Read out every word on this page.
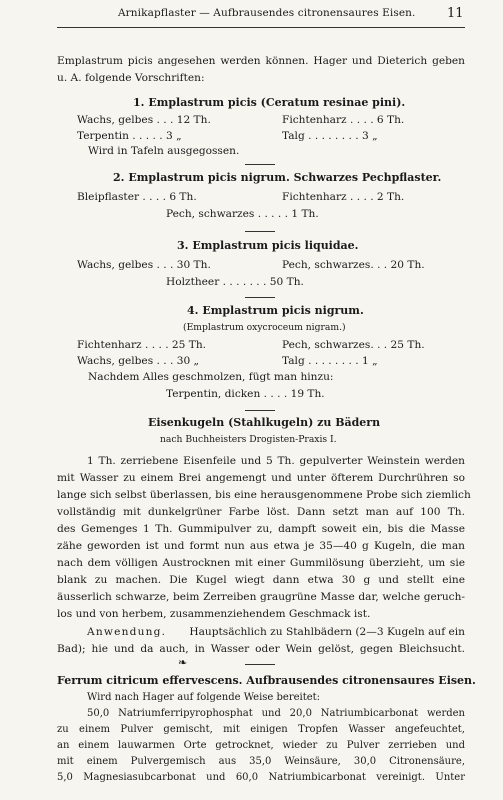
Arnikapflaster — Aufbrausendes citronensaures Eisen. 11
Emplastrum picis angesehen werden können. Hager und Dieterich geben
u. A. folgende Vorschriften:
1. Emplastrum picis (Ceratum resinae pini).
Wachs, gelbes . . . 12 Th.	Fichtenharz . . . . 6 Th.
Terpentin . . . . . 3 „	Talg . . . . . . . . 3 „
Wird in Tafeln ausgegossen.
2. Emplastrum picis nigrum. Schwarzes Pechpflaster.
Bleipflaster . . . . 6 Th.	Fichtenharz . . . . 2 Th.
Pech, schwarzes . . . . . 1 Th.
3. Emplastrum picis liquidae.
Wachs, gelbes . . . 30 Th.	Pech, schwarzes. . . 20 Th.
Holztheer . . . . . . . 50 Th.
4. Emplastrum picis nigrum.
(Emplastrum oxycroceum nigram.)
Fichtenharz . . . . 25 Th.	Pech, schwarzes. . . 25 Th.
Wachs, gelbes . . . 30 „	Talg . . . . . . . . 1 „
Nachdem Alles geschmolzen, fügt man hinzu:
Terpentin, dicken . . . . 19 Th.
Eisenkugeln (Stahlkugeln) zu Bädern
nach Buchheisters Drogisten-Praxis I.
1 Th. zerriebene Eisenfeile und 5 Th. gepulverter Weinstein werden
mit Wasser zu einem Brei angemengt und unter öfterem Durchrühren so
lange sich selbst überlassen, bis eine herausgenommene Probe sich ziemlich
vollständig mit dunkelgrüner Farbe löst. Dann setzt man auf 100 Th.
des Gemenges 1 Th. Gummipulver zu, dampft soweit ein, bis die Masse
zähe geworden ist und formt nun aus etwa je 35—40 g Kugeln, die man
nach dem völligen Austrocknen mit einer Gummilösung überzieht, um sie
blank zu machen. Die Kugel wiegt dann etwa 30 g und stellt eine
äusserlich schwarze, beim Zerreiben graugrüne Masse dar, welche geruch-
los und von herbem, zusammenziehendem Geschmack ist.
Anwendung.	Hauptsächlich zu Stahlbädern (2—3 Kugeln auf ein
Bad); hie und da auch, in Wasser oder Wein gelöst, gegen Bleichsucht.
❧
Ferrum citricum effervescens. Aufbrausendes citronensaures Eisen.
Wird nach Hager auf folgende Weise bereitet:
50,0 Natriumferripyrophosphat und 20,0 Natriumbicarbonat werden
zu einem Pulver gemischt, mit einigen Tropfen Wasser angefeuchtet,
an einem lauwarmen Orte getrocknet, wieder zu Pulver zerrieben und
mit einem Pulvergemisch aus 35,0 Weinsäure, 30,0 Citronensäure,
5,0 Magnesiasubcarbonat und 60,0 Natriumbicarbonat vereinigt. Unter
